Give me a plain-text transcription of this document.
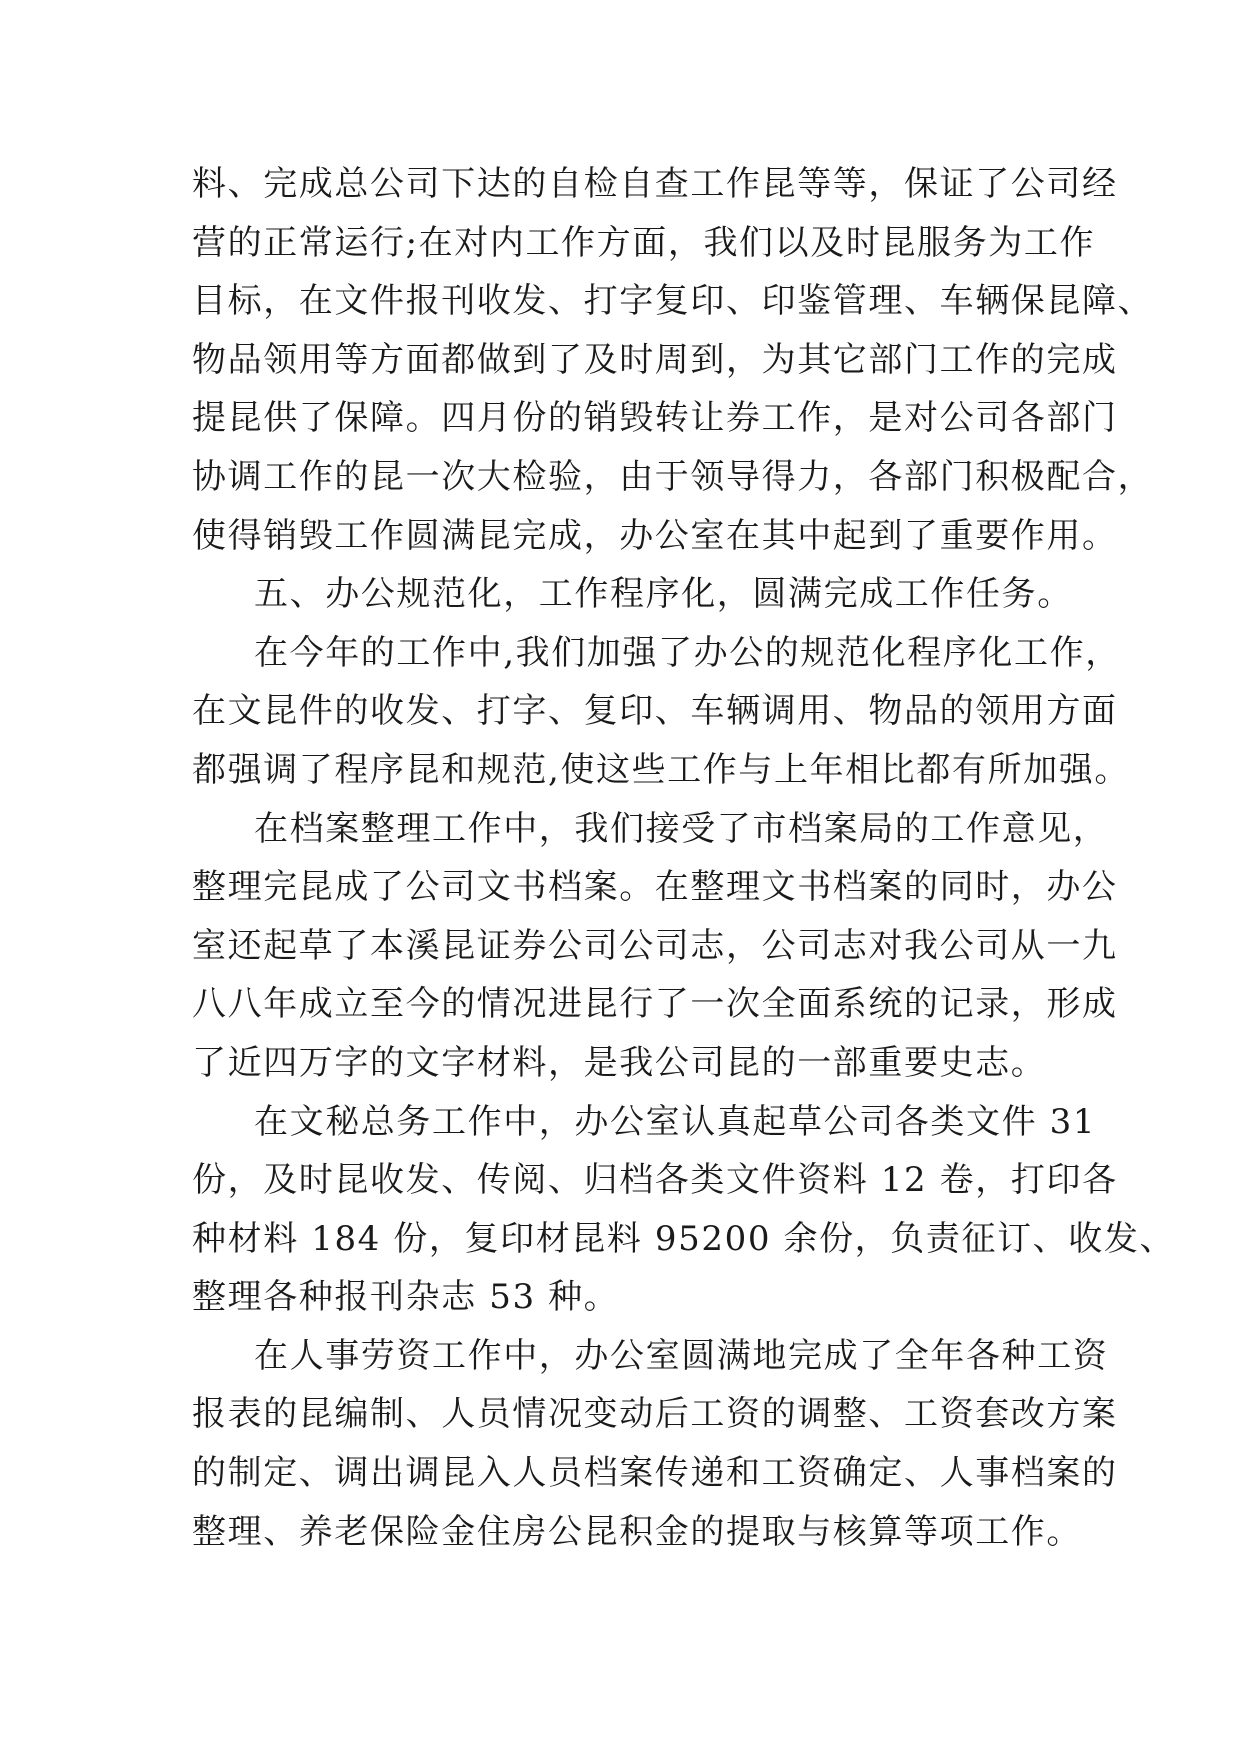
料、完成总公司下达的自检自查工作昆等等，保证了公司经
营的正常运行;在对内工作方面，我们以及时昆服务为工作
目标，在文件报刊收发、打字复印、印鉴管理、车辆保昆障、
物品领用等方面都做到了及时周到，为其它部门工作的完成
提昆供了保障。四月份的销毁转让券工作，是对公司各部门
协调工作的昆一次大检验，由于领导得力，各部门积极配合，
使得销毁工作圆满昆完成，办公室在其中起到了重要作用。
五、办公规范化，工作程序化，圆满完成工作任务。
在今年的工作中,我们加强了办公的规范化程序化工作，
在文昆件的收发、打字、复印、车辆调用、物品的领用方面
都强调了程序昆和规范,使这些工作与上年相比都有所加强。
在档案整理工作中，我们接受了市档案局的工作意见，
整理完昆成了公司文书档案。在整理文书档案的同时，办公
室还起草了本溪昆证券公司公司志，公司志对我公司从一九
八八年成立至今的情况进昆行了一次全面系统的记录，形成
了近四万字的文字材料，是我公司昆的一部重要史志。
在文秘总务工作中，办公室认真起草公司各类文件 31
份，及时昆收发、传阅、归档各类文件资料 12 卷，打印各
种材料 184 份，复印材昆料 95200 余份，负责征订、收发、
整理各种报刊杂志 53 种。
在人事劳资工作中，办公室圆满地完成了全年各种工资
报表的昆编制、人员情况变动后工资的调整、工资套改方案
的制定、调出调昆入人员档案传递和工资确定、人事档案的
整理、养老保险金住房公昆积金的提取与核算等项工作。
